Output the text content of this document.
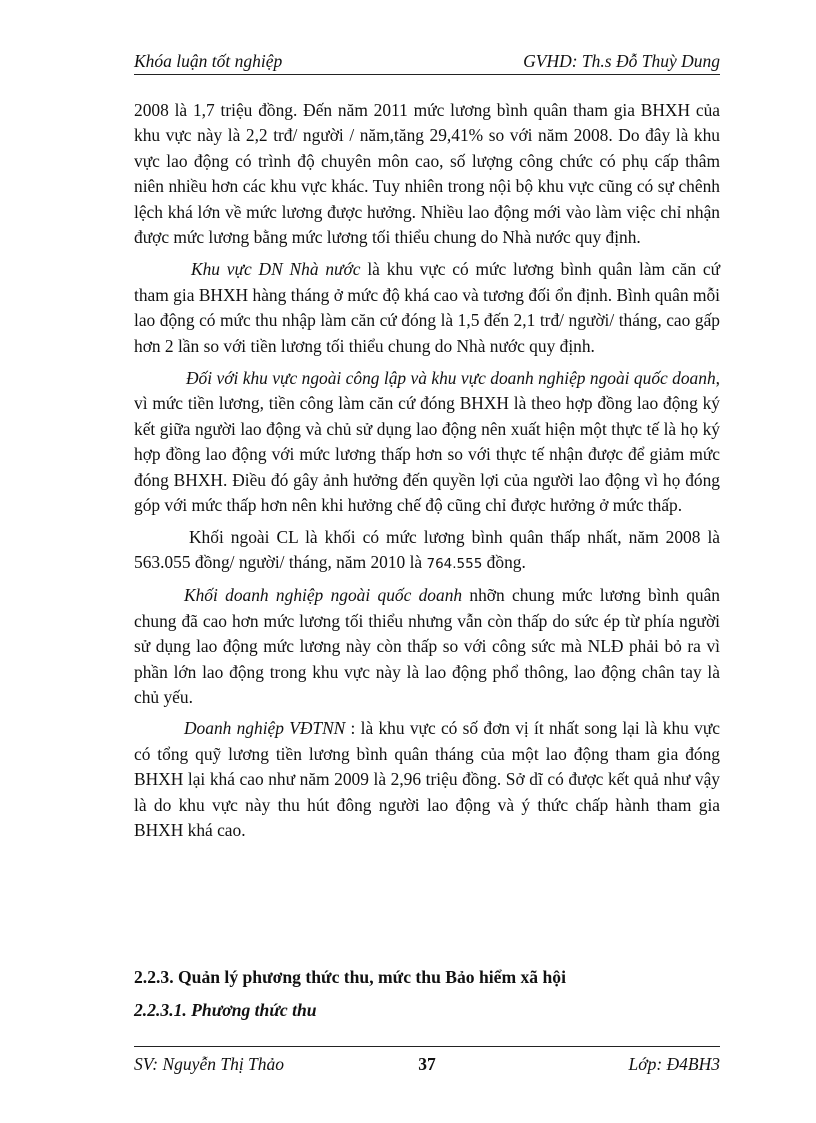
Khóa luận tốt nghiệp	GVHD: Th.s Đỗ Thuỳ Dung

2008 là 1,7 triệu đồng. Đến năm 2011 mức lương bình quân tham gia BHXH của khu vực này là 2,2 trđ/ người / năm,tăng 29,41% so với năm 2008. Do đây là khu vực lao động có trình độ chuyên môn cao, số lượng công chức có phụ cấp thâm niên nhiều hơn các khu vực khác. Tuy nhiên trong nội bộ khu vực cũng có sự chênh lệch khá lớn về mức lương được hưởng. Nhiều lao động mới vào làm việc chỉ nhận được mức lương bằng mức lương tối thiểu chung do Nhà nước quy định.

Khu vực DN Nhà nước là khu vực có mức lương bình quân làm căn cứ tham gia BHXH hàng tháng ở mức độ khá cao và tương đối ổn định. Bình quân mỗi lao động có mức thu nhập làm căn cứ đóng là 1,5 đến 2,1 trđ/ người/ tháng, cao gấp hơn 2 lần so với tiền lương tối thiểu chung do Nhà nước quy định.

Đối với khu vực ngoài công lập và khu vực doanh nghiệp ngoài quốc doanh, vì mức tiền lương, tiền công làm căn cứ đóng BHXH là theo hợp đồng lao động ký kết giữa người lao động và chủ sử dụng lao động nên xuất hiện một thực tế là họ ký hợp đồng lao động với mức lương thấp hơn so với thực tế nhận được để giảm mức đóng BHXH. Điều đó gây ảnh hưởng đến quyền lợi của người lao động vì họ đóng góp với mức thấp hơn nên khi hưởng chế độ cũng chỉ được hưởng ở mức thấp.

Khối ngoài CL là khối có mức lương bình quân thấp nhất, năm 2008 là 563.055 đồng/ người/ tháng, năm 2010 là 764.555 đồng.

Khối doanh nghiệp ngoài quốc doanh nhỡn chung mức lương bình quân chung đã cao hơn mức lương tối thiểu nhưng vẫn còn thấp do sức ép từ phía người sử dụng lao động mức lương này còn thấp so với công sức mà NLĐ phải bỏ ra vì phần lớn lao động trong khu vực này là lao động phổ thông, lao động chân tay là chủ yếu.

Doanh nghiệp VĐTNN : là khu vực có số đơn vị ít nhất song lại là khu vực có tổng quỹ lương tiền lương bình quân tháng của một lao động tham gia đóng BHXH lại khá cao như năm 2009 là 2,96 triệu đồng. Sở dĩ có được kết quả như vậy là do khu vực này thu hút đông người lao động và ý thức chấp hành tham gia BHXH khá cao.

2.2.3. Quản lý phương thức thu, mức thu Bảo hiểm xã hội

2.2.3.1. Phương thức thu

SV: Nguyễn Thị Thảo	37	Lớp: Đ4BH3
